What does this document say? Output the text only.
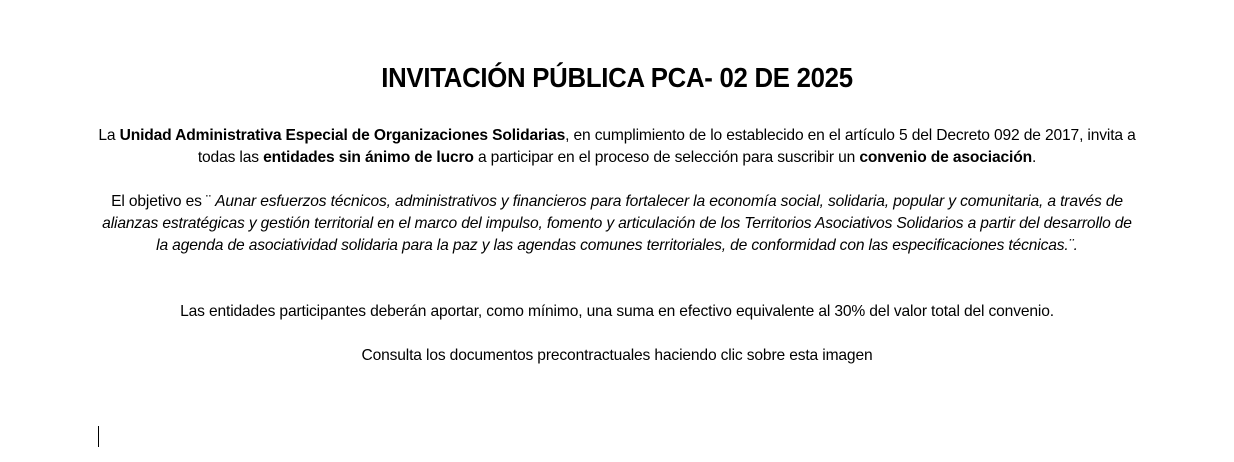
INVITACIÓN PÚBLICA PCA- 02 DE 2025

La Unidad Administrativa Especial de Organizaciones Solidarias, en cumplimiento de lo establecido en el artículo 5 del Decreto 092 de 2017, invita a todas las entidades sin ánimo de lucro a participar en el proceso de selección para suscribir un convenio de asociación.

El objetivo es ¨ Aunar esfuerzos técnicos, administrativos y financieros para fortalecer la economía social, solidaria, popular y comunitaria, a través de alianzas estratégicas y gestión territorial en el marco del impulso, fomento y articulación de los Territorios Asociativos Solidarios a partir del desarrollo de la agenda de asociatividad solidaria para la paz y las agendas comunes territoriales, de conformidad con las especificaciones técnicas.¨.

Las entidades participantes deberán aportar, como mínimo, una suma en efectivo equivalente al 30% del valor total del convenio.

Consulta los documentos precontractuales haciendo clic sobre esta imagen
